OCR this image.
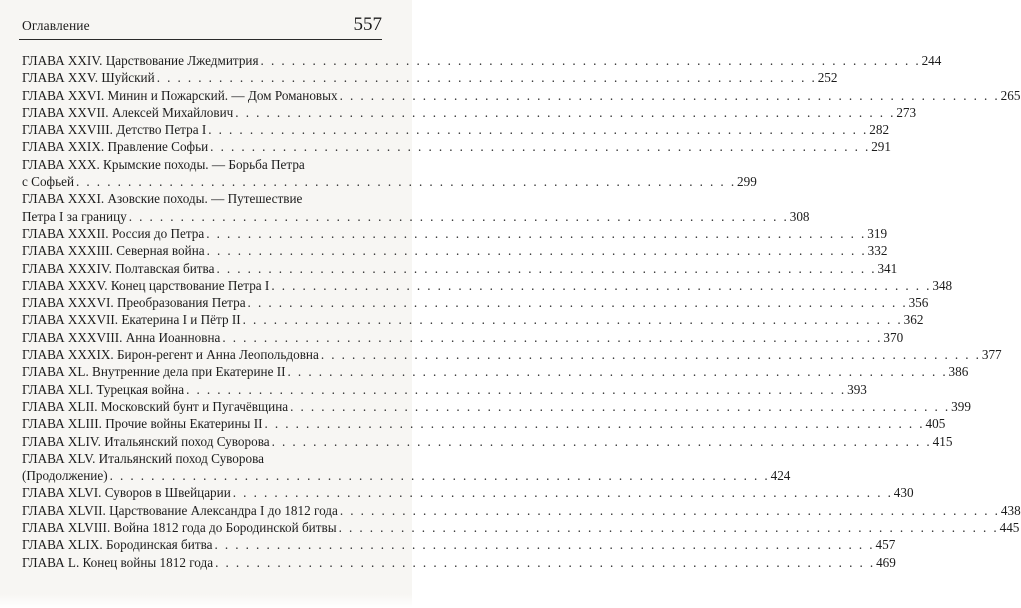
Оглавление	557
ГЛАВА XXIV. Царствование Лжедмитрия . . . . . . . . . . . . . . . . . . . . . . . . . . . . . . . . . . . . . . . . . . . . . . . . . . . . . . . . . . . . . . . . 244
ГЛАВА XXV. Шуйский . . . . . . . . . . . . . . . . . . . . . . . . . . . . . . . . . . . . . . . . . . . . . . . . . . . . . . . . . . . . . . . . 252
ГЛАВА XXVI. Минин и Пожарский. — Дом Романовых . . . . . . . . . . . . . . . . . . . . . . . . . . . . . . . . . . . . . . . . . . . . . . . . . . . . . . . . . . . . . . . . 265
ГЛАВА XXVII. Алексей Михайлович . . . . . . . . . . . . . . . . . . . . . . . . . . . . . . . . . . . . . . . . . . . . . . . . . . . . . . . . . . . . . . . . 273
ГЛАВА XXVIII. Детство Петра I . . . . . . . . . . . . . . . . . . . . . . . . . . . . . . . . . . . . . . . . . . . . . . . . . . . . . . . . . . . . . . . . 282
ГЛАВА XXIX. Правление Софьи . . . . . . . . . . . . . . . . . . . . . . . . . . . . . . . . . . . . . . . . . . . . . . . . . . . . . . . . . . . . . . . . 291
ГЛАВА XXX. Крымские походы. — Борьба Петра
с Софьей . . . . . . . . . . . . . . . . . . . . . . . . . . . . . . . . . . . . . . . . . . . . . . . . . . . . . . . . . . . . . . . . 299
ГЛАВА XXXI. Азовские походы. — Путешествие
Петра I за границу . . . . . . . . . . . . . . . . . . . . . . . . . . . . . . . . . . . . . . . . . . . . . . . . . . . . . . . . . . . . . . . . 308
ГЛАВА XXXII. Россия до Петра . . . . . . . . . . . . . . . . . . . . . . . . . . . . . . . . . . . . . . . . . . . . . . . . . . . . . . . . . . . . . . . . 319
ГЛАВА XXXIII. Северная война . . . . . . . . . . . . . . . . . . . . . . . . . . . . . . . . . . . . . . . . . . . . . . . . . . . . . . . . . . . . . . . . 332
ГЛАВА XXXIV. Полтавская битва . . . . . . . . . . . . . . . . . . . . . . . . . . . . . . . . . . . . . . . . . . . . . . . . . . . . . . . . . . . . . . . . 341
ГЛАВА XXXV. Конец царствование Петра I . . . . . . . . . . . . . . . . . . . . . . . . . . . . . . . . . . . . . . . . . . . . . . . . . . . . . . . . . . . . . . . . 348
ГЛАВА XXXVI. Преобразования Петра . . . . . . . . . . . . . . . . . . . . . . . . . . . . . . . . . . . . . . . . . . . . . . . . . . . . . . . . . . . . . . . . 356
ГЛАВА XXXVII. Екатерина I и Пётр II . . . . . . . . . . . . . . . . . . . . . . . . . . . . . . . . . . . . . . . . . . . . . . . . . . . . . . . . . . . . . . . . 362
ГЛАВА XXXVIII. Анна Иоанновна . . . . . . . . . . . . . . . . . . . . . . . . . . . . . . . . . . . . . . . . . . . . . . . . . . . . . . . . . . . . . . . . 370
ГЛАВА XXXIX. Бирон-регент и Анна Леопольдовна . . . . . . . . . . . . . . . . . . . . . . . . . . . . . . . . . . . . . . . . . . . . . . . . . . . . . . . . . . . . . . . . 377
ГЛАВА XL. Внутренние дела при Екатерине II . . . . . . . . . . . . . . . . . . . . . . . . . . . . . . . . . . . . . . . . . . . . . . . . . . . . . . . . . . . . . . . . 386
ГЛАВА XLI. Турецкая война . . . . . . . . . . . . . . . . . . . . . . . . . . . . . . . . . . . . . . . . . . . . . . . . . . . . . . . . . . . . . . . . 393
ГЛАВА XLII. Московский бунт и Пугачёвщина . . . . . . . . . . . . . . . . . . . . . . . . . . . . . . . . . . . . . . . . . . . . . . . . . . . . . . . . . . . . . . . . 399
ГЛАВА XLIII. Прочие войны Екатерины II . . . . . . . . . . . . . . . . . . . . . . . . . . . . . . . . . . . . . . . . . . . . . . . . . . . . . . . . . . . . . . . . 405
ГЛАВА XLIV. Итальянский поход Суворова . . . . . . . . . . . . . . . . . . . . . . . . . . . . . . . . . . . . . . . . . . . . . . . . . . . . . . . . . . . . . . . . 415
ГЛАВА XLV. Итальянский поход Суворова
(Продолжение) . . . . . . . . . . . . . . . . . . . . . . . . . . . . . . . . . . . . . . . . . . . . . . . . . . . . . . . . . . . . . . . . 424
ГЛАВА XLVI. Суворов в Швейцарии . . . . . . . . . . . . . . . . . . . . . . . . . . . . . . . . . . . . . . . . . . . . . . . . . . . . . . . . . . . . . . . . 430
ГЛАВА XLVII. Царствование Александра I до 1812 года . . . . . . . . . . . . . . . . . . . . . . . . . . . . . . . . . . . . . . . . . . . . . . . . . . . . . . . . . . . . . . . . 438
ГЛАВА XLVIII. Война 1812 года до Бородинской битвы . . . . . . . . . . . . . . . . . . . . . . . . . . . . . . . . . . . . . . . . . . . . . . . . . . . . . . . . . . . . . . . . 445
ГЛАВА XLIX. Бородинская битва . . . . . . . . . . . . . . . . . . . . . . . . . . . . . . . . . . . . . . . . . . . . . . . . . . . . . . . . . . . . . . . . 457
ГЛАВА L. Конец войны 1812 года . . . . . . . . . . . . . . . . . . . . . . . . . . . . . . . . . . . . . . . . . . . . . . . . . . . . . . . . . . . . . . . . 469
